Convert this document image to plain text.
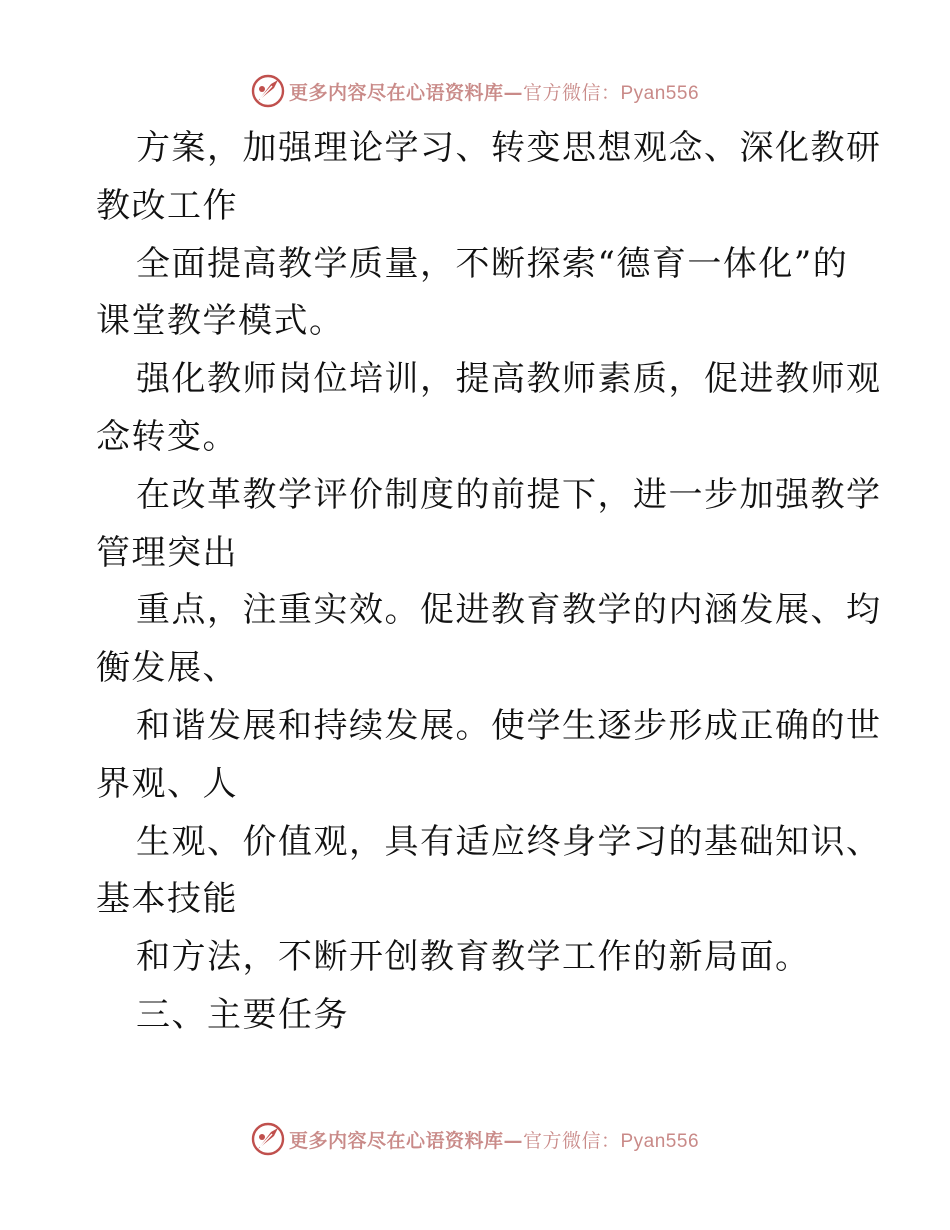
更多内容尽在心语资料库—官方微信：Pyan556
方案，加强理论学习、转变思想观念、深化教研
教改工作
全面提高教学质量，不断探索“德育一体化”的
课堂教学模式。
强化教师岗位培训，提高教师素质，促进教师观
念转变。
在改革教学评价制度的前提下，进一步加强教学
管理突出
重点，注重实效。促进教育教学的内涵发展、均
衡发展、
和谐发展和持续发展。使学生逐步形成正确的世
界观、人
生观、价值观，具有适应终身学习的基础知识、
基本技能
和方法，不断开创教育教学工作的新局面。
三、主要任务
更多内容尽在心语资料库—官方微信：Pyan556
